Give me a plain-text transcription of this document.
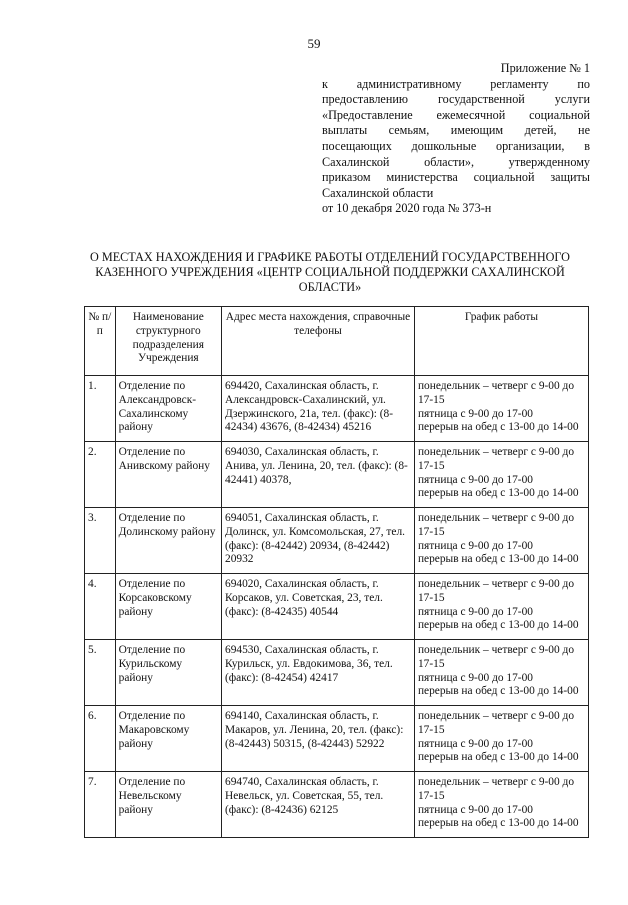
59
Приложение № 1
к административному регламенту по
предоставлению государственной услуги
«Предоставление ежемесячной социальной
выплаты семьям, имеющим детей, не
посещающих дошкольные организации, в
Сахалинской области», утвержденному
приказом министерства социальной защиты
Сахалинской области
от 10 декабря 2020 года № 373-н
О МЕСТАХ НАХОЖДЕНИЯ И ГРАФИКЕ РАБОТЫ ОТДЕЛЕНИЙ ГОСУДАРСТВЕННОГО КАЗЕННОГО УЧРЕЖДЕНИЯ «ЦЕНТР СОЦИАЛЬНОЙ ПОДДЕРЖКИ САХАЛИНСКОЙ ОБЛАСТИ»
№ п/п	Наименование структурного подразделения Учреждения	Адрес места нахождения, справочные телефоны	График работы
1.	Отделение по Александровск-Сахалинскому району	694420, Сахалинская область, г. Александровск-Сахалинский, ул. Дзержинского, 21а, тел. (факс): (8-42434) 43676, (8-42434) 45216	понедельник – четверг с 9-00 до 17-15
пятница с 9-00 до 17-00
перерыв на обед с 13-00 до 14-00

2.	Отделение по Анивскому району	694030, Сахалинская область, г. Анива, ул. Ленина, 20, тел. (факс): (8-42441) 40378,	понедельник – четверг с 9-00 до 17-15
пятница с 9-00 до 17-00
перерыв на обед с 13-00 до 14-00

3.	Отделение по Долинскому району	694051, Сахалинская область, г. Долинск, ул. Комсомольская, 27, тел. (факс): (8-42442) 20934, (8-42442) 20932	понедельник – четверг с 9-00 до 17-15
пятница с 9-00 до 17-00
перерыв на обед с 13-00 до 14-00

4.	Отделение по Корсаковскому району	694020, Сахалинская область, г. Корсаков, ул. Советская, 23, тел. (факс): (8-42435) 40544	понедельник – четверг с 9-00 до 17-15
пятница с 9-00 до 17-00
перерыв на обед с 13-00 до 14-00

5.	Отделение по Курильскому району	694530, Сахалинская область, г. Курильск, ул. Евдокимова, 36, тел. (факс): (8-42454) 42417	понедельник – четверг с 9-00 до 17-15
пятница с 9-00 до 17-00
перерыв на обед с 13-00 до 14-00

6.	Отделение по Макаровскому району	694140, Сахалинская область, г. Макаров, ул. Ленина, 20, тел. (факс): (8-42443) 50315, (8-42443) 52922	понедельник – четверг с 9-00 до 17-15
пятница с 9-00 до 17-00
перерыв на обед с 13-00 до 14-00

7.	Отделение по Невельскому району	694740, Сахалинская область, г. Невельск, ул. Советская, 55, тел. (факс): (8-42436) 62125	понедельник – четверг с 9-00 до 17-15
пятница с 9-00 до 17-00
перерыв на обед с 13-00 до 14-00
